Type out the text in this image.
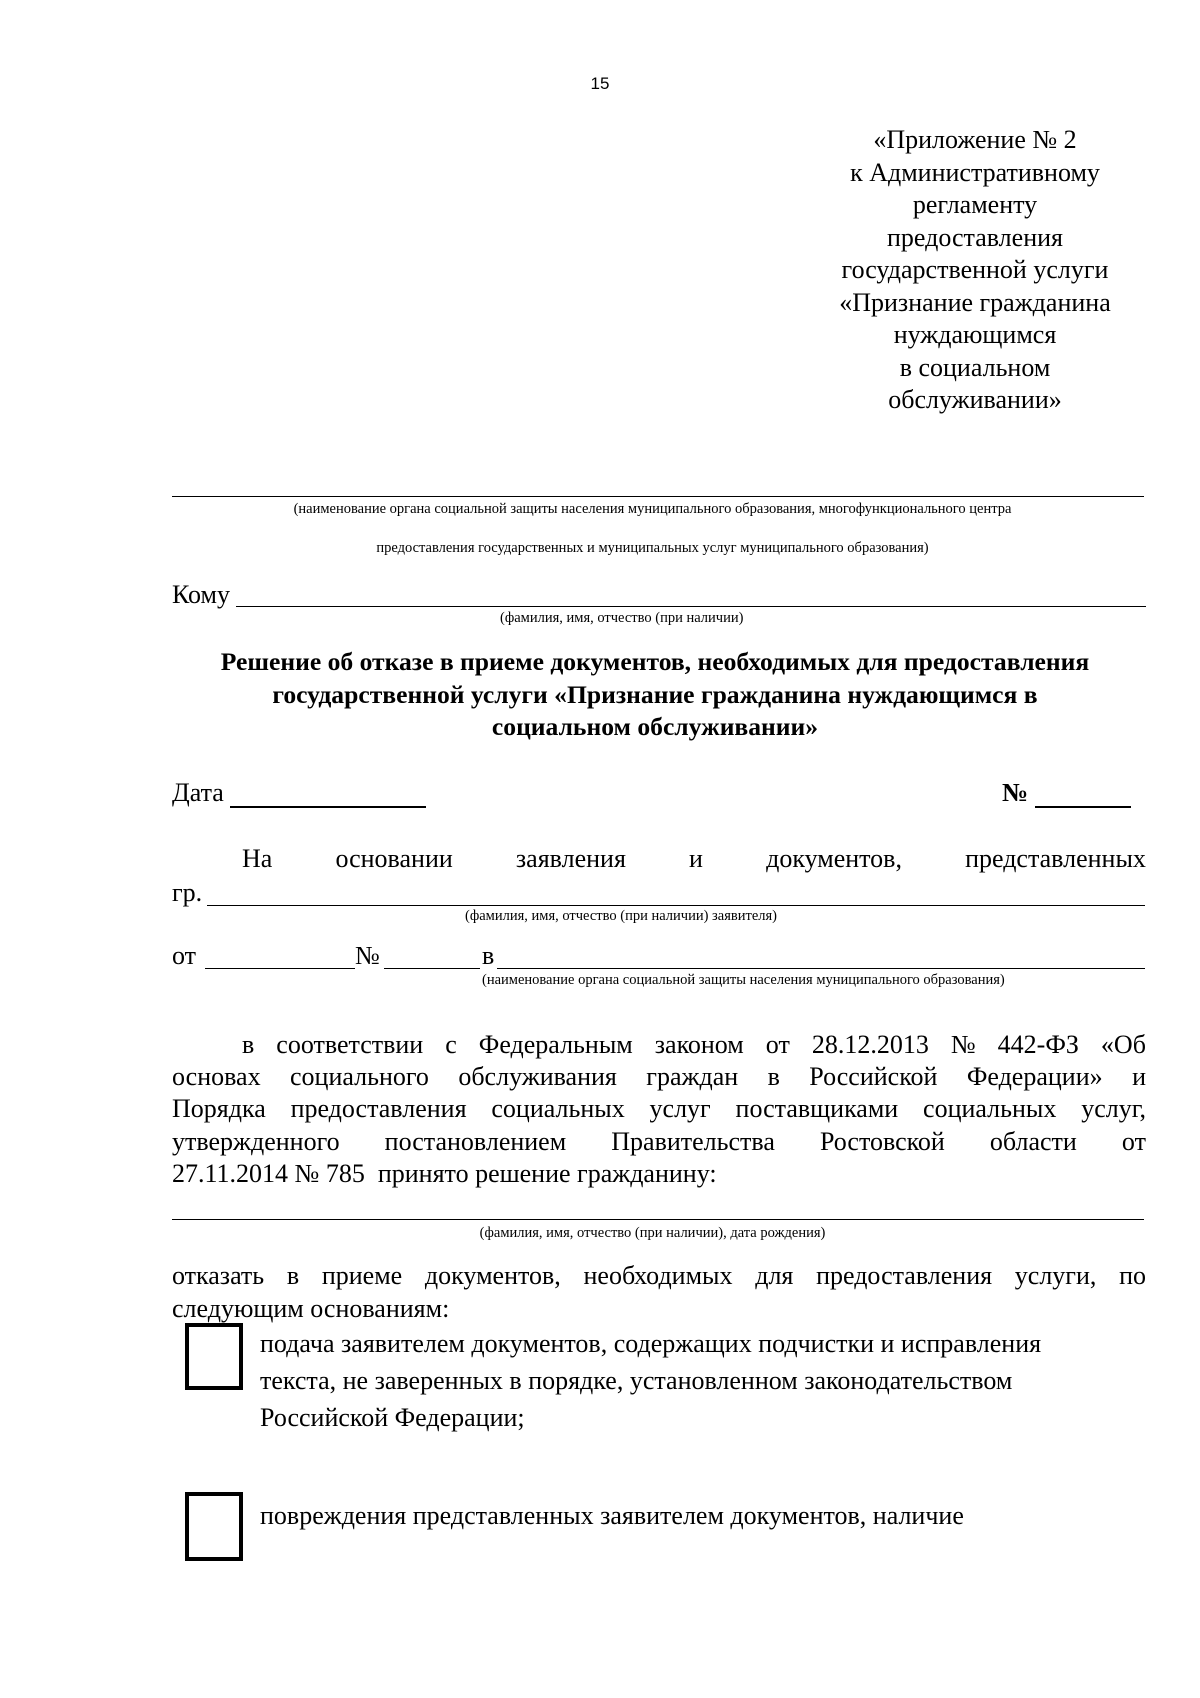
15
«Приложение № 2
к Административному
регламенту
предоставления
государственной услуги
«Признание гражданина
нуждающимся
в социальном
обслуживании»
(наименование органа социальной защиты населения муниципального образования, многофункционального центра
предоставления государственных и муниципальных услуг муниципального образования)
Кому
(фамилия, имя, отчество (при наличии)
Решение об отказе в приеме документов, необходимых для предоставления
государственной услуги «Признание гражданина нуждающимся в
социальном обслуживании»
Дата	№
На основании заявления и документов, представленных
гр.
(фамилия, имя, отчество (при наличии) заявителя)
от	№	в
(наименование органа социальной защиты населения муниципального образования)
в соответствии с Федеральным законом от 28.12.2013 № 442-ФЗ «Об
основах социального обслуживания граждан в Российской Федерации» и
Порядка предоставления социальных услуг поставщиками социальных услуг,
утвержденного постановлением Правительства Ростовской области от
27.11.2014 № 785  принято решение гражданину:
(фамилия, имя, отчество (при наличии), дата рождения)
отказать в приеме документов, необходимых для предоставления услуги, по
следующим основаниям:
подача заявителем документов, содержащих подчистки и исправления
текста, не заверенных в порядке, установленном законодательством
Российской Федерации;
повреждения представленных заявителем документов, наличие
